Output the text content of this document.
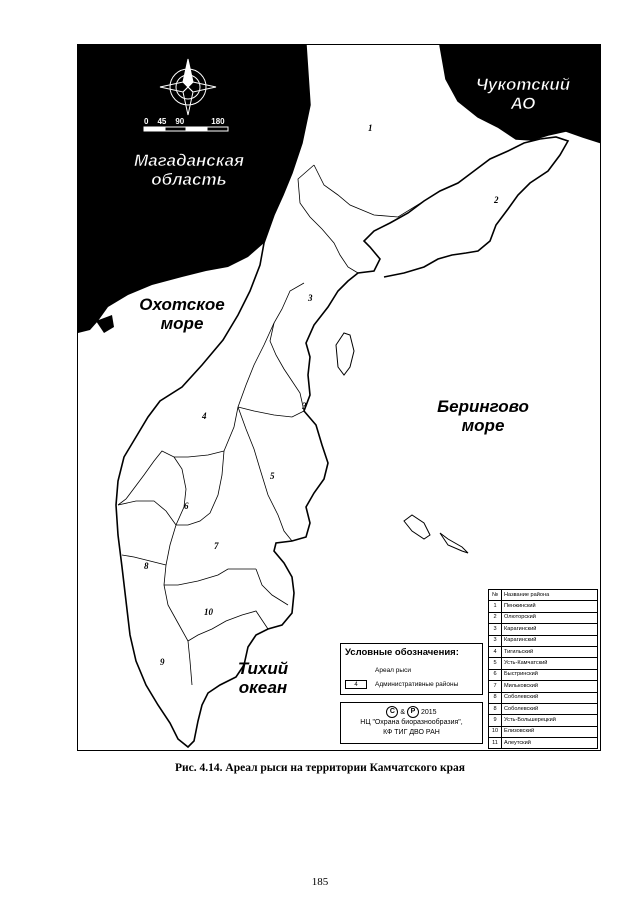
0 45 90	180
Магаданская
область
Чукотский
АО
Охотское
море
Берингово
море
Тихий
океан
1
2
3
3
4
5
6
7
8
9
10
Условные обозначения:
Ареал рыси
4	Административные районы
C & P 2015
НЦ "Охрана биоразнообразия",
КФ ТИГ ДВО РАН
№	Название района
1	Пенжинский
2	Олюторский
3	Карагинский
3	Карагинский
4	Тигильский
5	Усть-Камчатский
6	Быстринский
7	Мильковский
8	Соболевский
8	Соболевский
9	Усть-Большерецкий
10	Елизовский
11	Алеутский
Рис. 4.14. Ареал рыси на территории Камчатского края
185
